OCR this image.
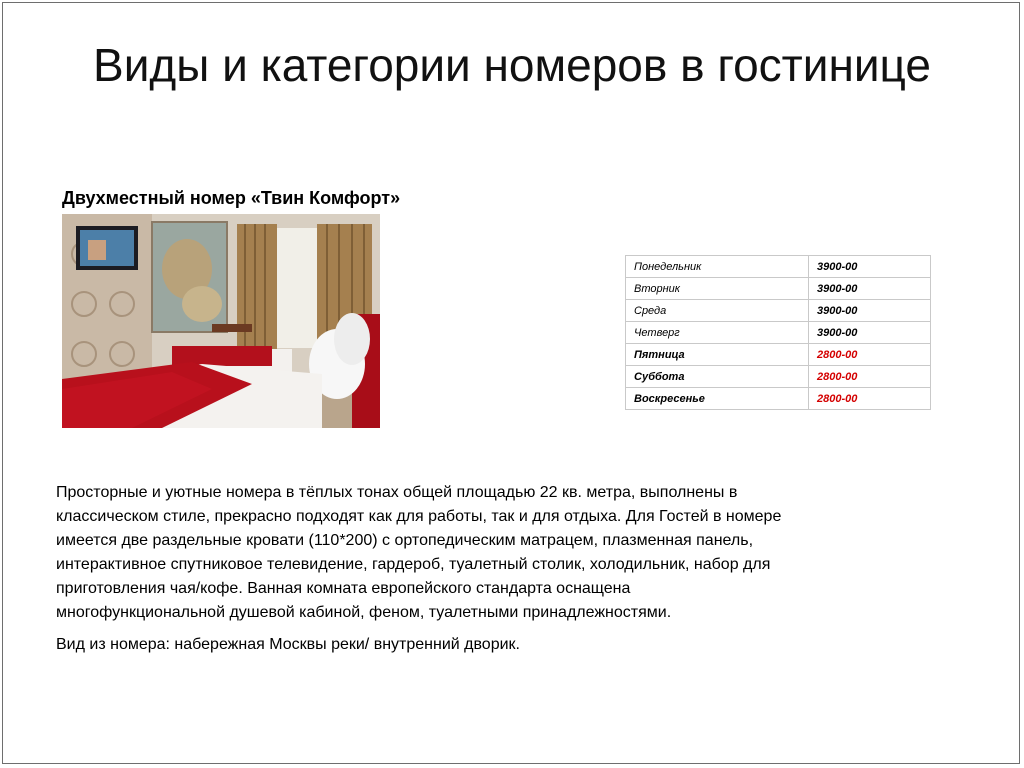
Виды и категории номеров в гостинице
Двухместный номер «Твин Комфорт»
Понедельник	3900-00
Вторник	3900-00
Среда	3900-00
Четверг	3900-00
Пятница	2800-00
Суббота	2800-00
Воскресенье	2800-00

Просторные и уютные номера в тёплых тонах общей площадью 22 кв. метра, выполнены в классическом стиле, прекрасно подходят как для работы, так и для отдыха. Для Гостей в номере имеется две раздельные кровати (110*200) с ортопедическим матрацем, плазменная панель, интерактивное спутниковое телевидение, гардероб, туалетный столик, холодильник, набор для приготовления чая/кофе. Ванная комната европейского стандарта оснащена многофункциональной душевой кабиной, феном, туалетными принадлежностями.

Вид из номера: набережная Москвы реки/ внутренний дворик.
